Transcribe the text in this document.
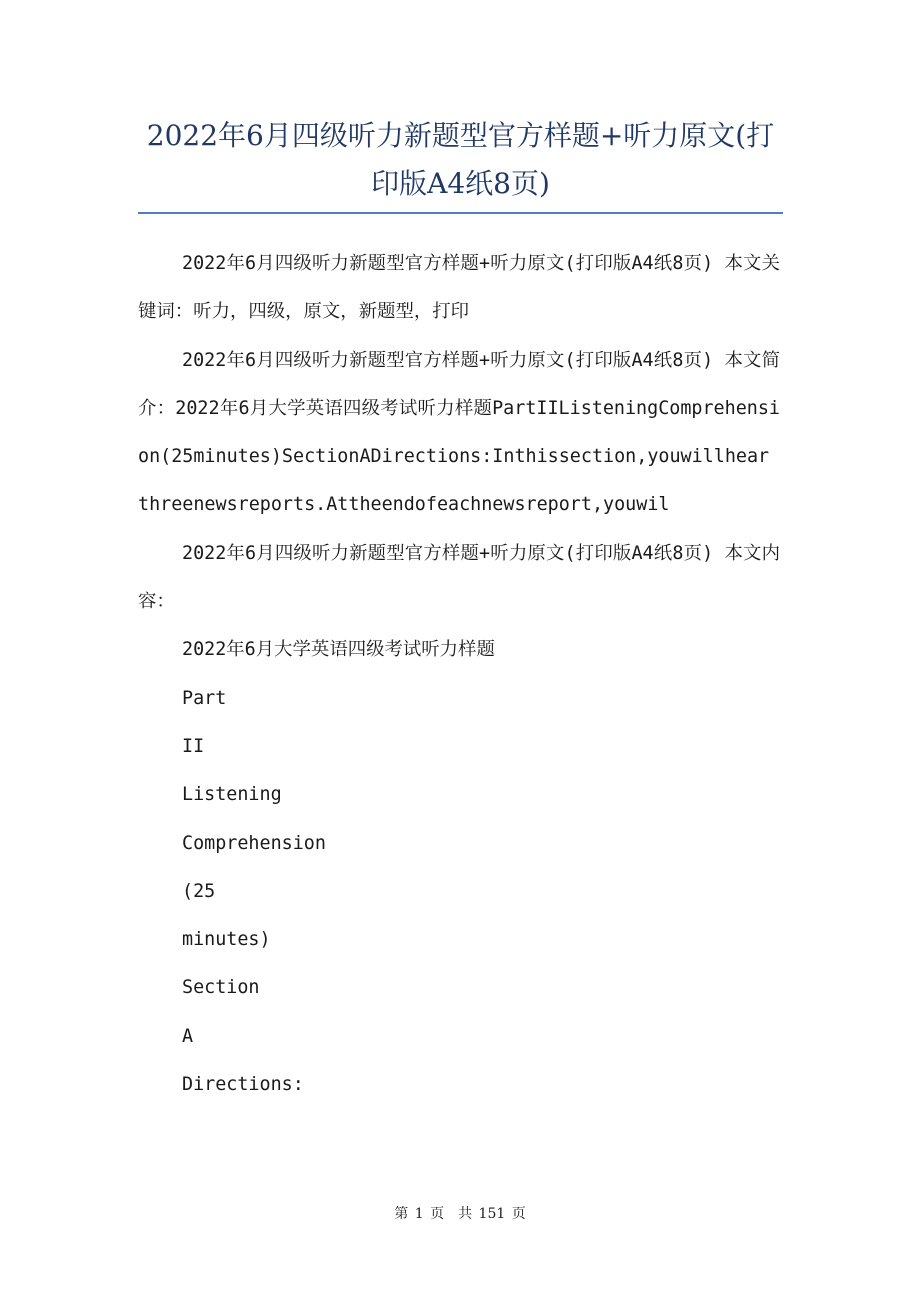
2022年6月四级听力新题型官方样题+听力原文(打印版A4纸8页)

2022年6月四级听力新题型官方样题+听力原文(打印版A4纸8页) 本文关键词：听力，四级，原文，新题型，打印

2022年6月四级听力新题型官方样题+听力原文(打印版A4纸8页) 本文简介：2022年6月大学英语四级考试听力样题PartIIListeningComprehension(25minutes)SectionADirections:Inthissection,youwillhearthreenewsreports.Attheendofeachnewsreport,youwil

2022年6月四级听力新题型官方样题+听力原文(打印版A4纸8页) 本文内容：

2022年6月大学英语四级考试听力样题

Part

II

Listening

Comprehension

(25

minutes)

Section

A

Directions:

第 1 页 共 151 页
